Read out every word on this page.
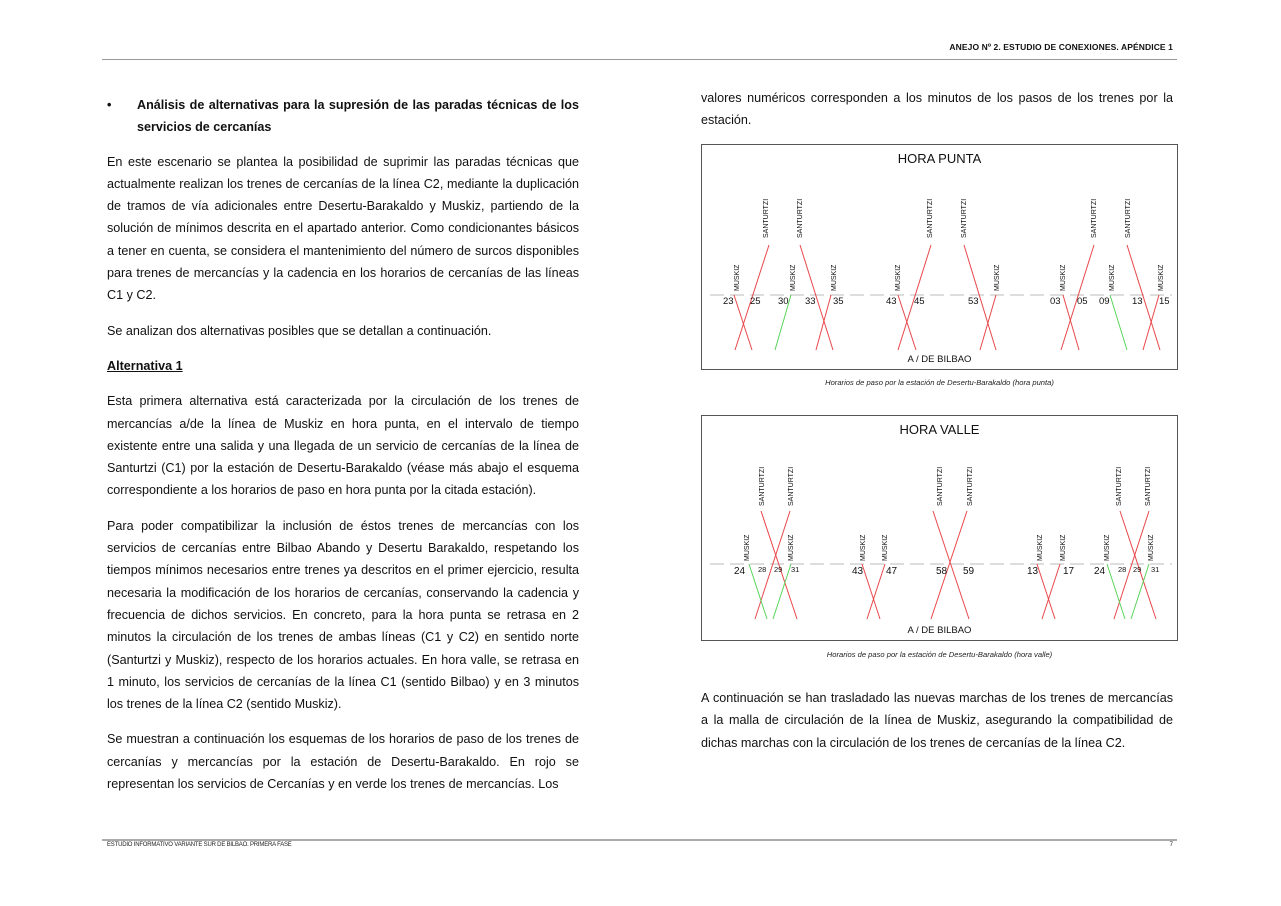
ANEJO Nº 2. ESTUDIO DE CONEXIONES. APÉNDICE 1
•	Análisis de alternativas para la supresión de las paradas técnicas de los servicios de cercanías

En este escenario se plantea la posibilidad de suprimir las paradas técnicas que actualmente realizan los trenes de cercanías de la línea C2, mediante la duplicación de tramos de vía adicionales entre Desertu-Barakaldo y Muskiz, partiendo de la solución de mínimos descrita en el apartado anterior. Como condicionantes básicos a tener en cuenta, se considera el mantenimiento del número de surcos disponibles para trenes de mercancías y la cadencia en los horarios de cercanías de las líneas C1 y C2.

Se analizan dos alternativas posibles que se detallan a continuación.

Alternativa 1

Esta primera alternativa está caracterizada por la circulación de los trenes de mercancías a/de la línea de Muskiz en hora punta, en el intervalo de tiempo existente entre una salida y una llegada de un servicio de cercanías de la línea de Santurtzi (C1) por la estación de Desertu-Barakaldo (véase más abajo el esquema correspondiente a los horarios de paso en hora punta por la citada estación).

Para poder compatibilizar la inclusión de éstos trenes de mercancías con los servicios de cercanías entre Bilbao Abando y Desertu Barakaldo, respetando los tiempos mínimos necesarios entre trenes ya descritos en el primer ejercicio, resulta necesaria la modificación de los horarios de cercanías, conservando la cadencia y frecuencia de dichos servicios. En concreto, para la hora punta se retrasa en 2 minutos la circulación de los trenes de ambas líneas (C1 y C2) en sentido norte (Santurtzi y Muskiz), respecto de los horarios actuales. En hora valle, se retrasa en 1 minuto, los servicios de cercanías de la línea C1 (sentido Bilbao) y en 3 minutos los trenes de la línea C2 (sentido Muskiz).

Se muestran a continuación los esquemas de los horarios de paso de los trenes de cercanías y mercancías por la estación de Desertu-Barakaldo. En rojo se representan los servicios de Cercanías y en verde los trenes de mercancías. Los

valores numéricos corresponden a los minutos de los pasos de los trenes por la estación.

MUSKIZ
SANTURTZI
MUSKIZ
SANTURTZI
MUSKIZ	MUSKIZ
SANTURTZI	SANTURTZI
MUSKIZ	MUSKIZ
SANTURTZI
MUSKIZ
SANTURTZI
MUSKIZ
23 25 30 33 35	43 45	53	03 05 09 13 15
HORA PUNTA
A / DE BILBAO
Horarios de paso por la estación de Desertu-Barakaldo (hora punta)
MUSKIZ
SANTURTZI	SANTURTZI
MUSKIZ	MUSKIZ MUSKIZ
SANTURTZI	SANTURTZI
MUSKIZ MUSKIZ	MUSKIZ
SANTURTZI	SANTURTZI
MUSKIZ
24 28 29 31	43 47	58 59	13 17 24 28 29 31
HORA VALLE
A / DE BILBAO
Horarios de paso por la estación de Desertu-Barakaldo (hora valle)

A continuación se han trasladado las nuevas marchas de los trenes de mercancías a la malla de circulación de la línea de Muskiz, asegurando la compatibilidad de dichas marchas con la circulación de los trenes de cercanías de la línea C2.

ESTUDIO INFORMATIVO VARIANTE SUR DE BILBAO. PRIMERA FASE	7
